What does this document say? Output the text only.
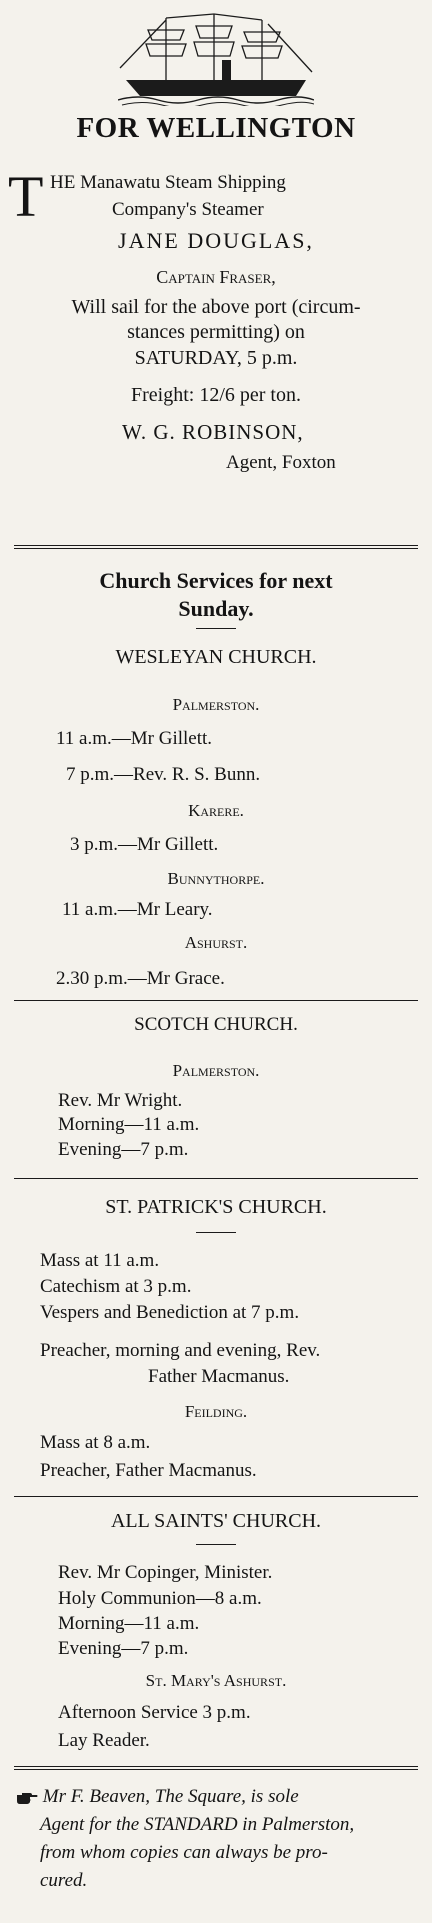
FOR WELLINGTON
T HE Manawatu Steam Shipping
Company's Steamer
JANE DOUGLAS,
Captain Fraser,
Will sail for the above port (circum-
stances permitting) on
SATURDAY, 5 p.m.
Freight: 12/6 per ton.
W. G. ROBINSON,
Agent, Foxton
Church Services for next
Sunday.
WESLEYAN CHURCH.
Palmerston.
11 a.m.—Mr Gillett.
7 p.m.—Rev. R. S. Bunn.
Karere.
3 p.m.—Mr Gillett.
Bunnythorpe.
11 a.m.—Mr Leary.
Ashurst.
2.30 p.m.—Mr Grace.
SCOTCH CHURCH.
Palmerston.
Rev. Mr Wright.
Morning—11 a.m.
Evening—7 p.m.
ST. PATRICK'S CHURCH.
Mass at 11 a.m.
Catechism at 3 p.m.
Vespers and Benediction at 7 p.m.
Preacher, morning and evening, Rev.
Father Macmanus.
Feilding.
Mass at 8 a.m.
Preacher, Father Macmanus.
ALL SAINTS' CHURCH.
Rev. Mr Copinger, Minister.
Holy Communion—8 a.m.
Morning—11 a.m.
Evening—7 p.m.
St. Mary's Ashurst.
Afternoon Service 3 p.m.
Lay Reader.
Mr F. Beaven, The Square, is sole
Agent for the STANDARD in Palmerston,
from whom copies can always be pro-
cured.
